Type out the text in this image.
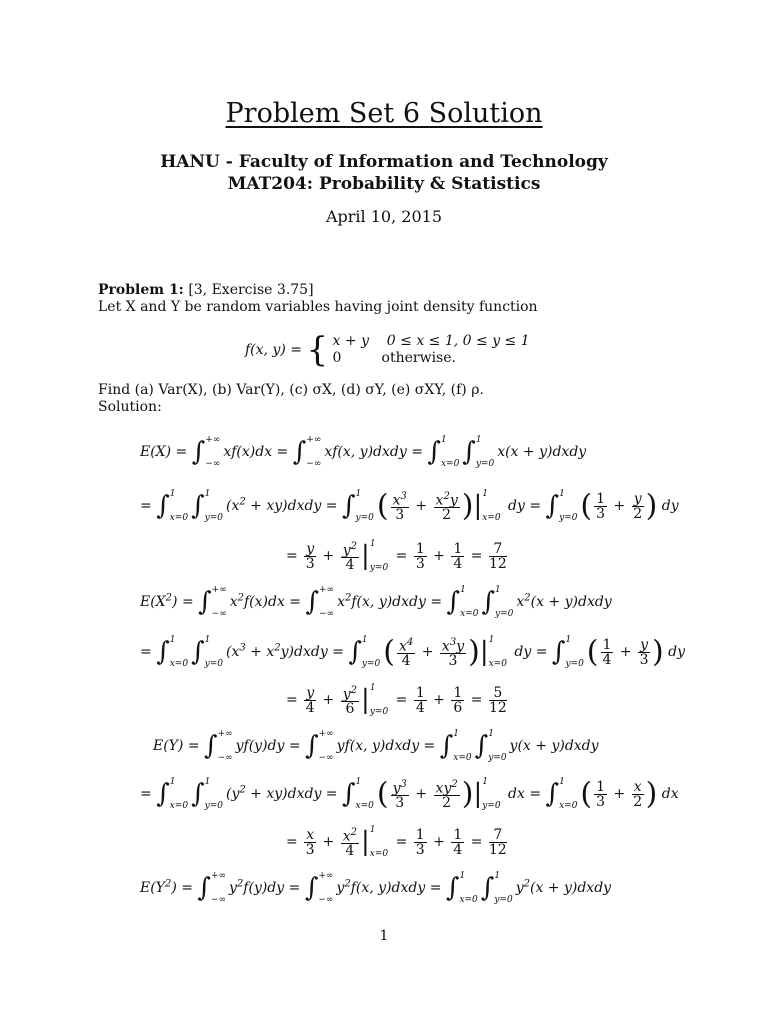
Problem Set 6 Solution
HANU - Faculty of Information and Technology
MAT204: Probability & Statistics
April 10, 2015
Problem 1: [3, Exercise 3.75]
Let X and Y be random variables having joint density function
f(x, y) = { x + y    0 ≤ x ≤ 1, 0 ≤ y ≤ 1
0	otherwise.
Find (a) Var(X), (b) Var(Y), (c) σX, (d) σY, (e) σXY, (f) ρ.
Solution:
E(X) = ∫ +∞
−∞
xf(x)dx = ∫ +∞
−∞
xf(x, y)dxdy = ∫ 1
x=0 ∫ 1
y=0
x(x + y)dxdy
= ∫ 1
x=0 ∫ 1
y=0
($x^2$ + xy)dxdy = ∫ 1
y=0 ( $\frac{x^3}{3} + \frac{x^2y}{2}$ )| 1
x=0
dy = ∫ 1
y=0 ( $\frac{1}{3} + \frac{y}{2}$ ) dy
= $\frac{y}{3} + \frac{y^2}{4}$ | 1
y=0
= $\frac{1}{3} + \frac{1}{4} = \frac{7}{12}$
$E(X^2)$ = ∫ +∞
−∞
$x^2f(x)dx$ = ∫ +∞
−∞
$x^2f(x$, y)dxdy = ∫ 1
x=0 ∫ 1
y=0
$x^2(x$ + y)dxdy
= ∫ 1
x=0 ∫ 1
y=0
($x^3$ + $x^2y)dxdy$ = ∫ 1
y=0 ( $\frac{x^4}{4} + \frac{x^3y}{3}$ )| 1
x=0
dy = ∫ 1
y=0 ( $\frac{1}{4} + \frac{y}{3}$ ) dy
= $\frac{y}{4} + \frac{y^2}{6}$ | 1
y=0
= $\frac{1}{4} + \frac{1}{6} = \frac{5}{12}$
E(Y) = ∫ +∞
−∞
yf(y)dy = ∫ +∞
−∞
yf(x, y)dxdy = ∫ 1
x=0 ∫ 1
y=0
y(x + y)dxdy
= ∫ 1
x=0 ∫ 1
y=0
($y^2$ + xy)dxdy = ∫ 1
x=0 ( $\frac{y^3}{3} + \frac{xy^2}{2}$ )| 1
y=0
dx = ∫ 1
x=0 ( $\frac{1}{3} + \frac{x}{2}$ ) dx
= $\frac{x}{3} + \frac{x^2}{4}$ | 1
x=0
= $\frac{1}{3} + \frac{1}{4} = \frac{7}{12}$
$E(Y^2)$ = ∫ +∞
−∞
$y^2f(y)dy$ = ∫ +∞
−∞
$y^2f(x$, y)dxdy = ∫ 1
x=0 ∫ 1
y=0
$y^2(x$ + y)dxdy
1
